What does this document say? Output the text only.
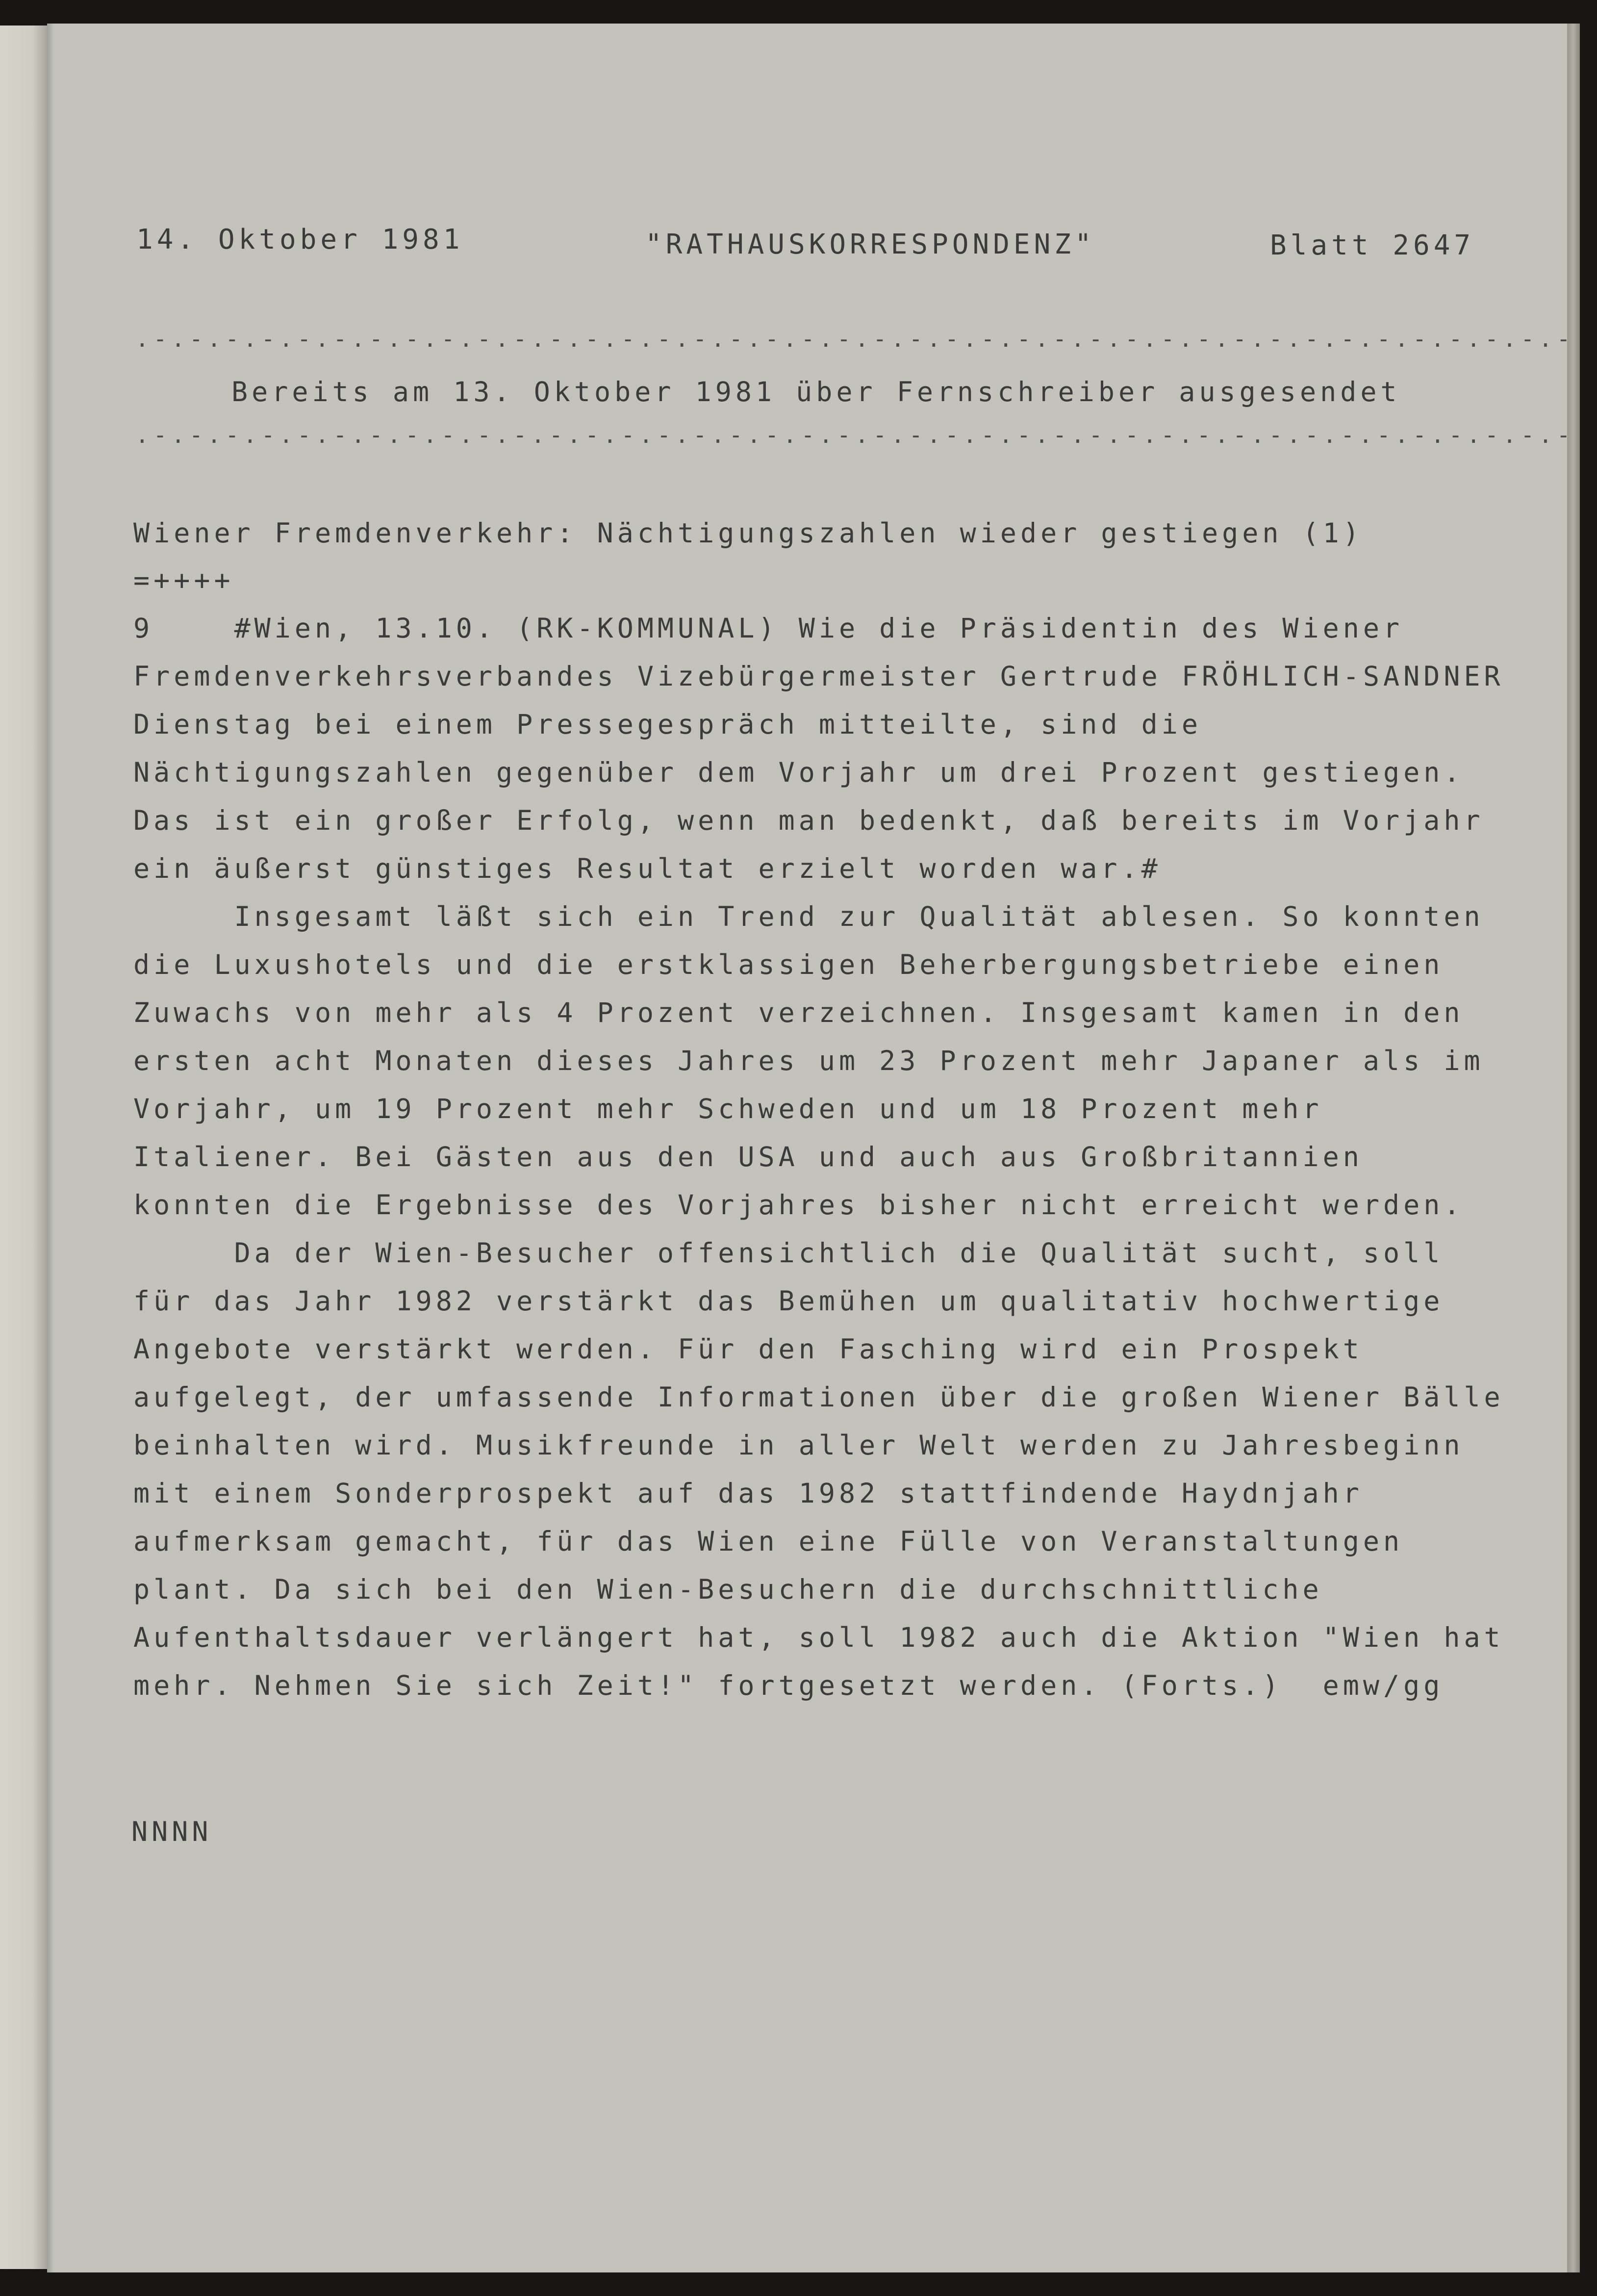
14. Oktober 1981	"RATHAUSKORRESPONDENZ"	Blatt 2647
.-.-.-.-.-.-.-.-.-.-.-.-.-.-.-.-.-.-.-.-.-.-.-.-.-.-.-.-.-.-.-.-.-.-.-.-.-.-.-.-
Bereits am 13. Oktober 1981 über Fernschreiber ausgesendet
.-.-.-.-.-.-.-.-.-.-.-.-.-.-.-.-.-.-.-.-.-.-.-.-.-.-.-.-.-.-.-.-.-.-.-.-.-.-.-.-
Wiener Fremdenverkehr: Nächtigungszahlen wieder gestiegen (1)
=++++
9    #Wien, 13.10. (RK-KOMMUNAL) Wie die Präsidentin des Wiener
Fremdenverkehrsverbandes Vizebürgermeister Gertrude FRÖHLICH-SANDNER
Dienstag bei einem Pressegespräch mitteilte, sind die
Nächtigungszahlen gegenüber dem Vorjahr um drei Prozent gestiegen.
Das ist ein großer Erfolg, wenn man bedenkt, daß bereits im Vorjahr
ein äußerst günstiges Resultat erzielt worden war.#
Insgesamt läßt sich ein Trend zur Qualität ablesen. So konnten
die Luxushotels und die erstklassigen Beherbergungsbetriebe einen
Zuwachs von mehr als 4 Prozent verzeichnen. Insgesamt kamen in den
ersten acht Monaten dieses Jahres um 23 Prozent mehr Japaner als im
Vorjahr, um 19 Prozent mehr Schweden und um 18 Prozent mehr
Italiener. Bei Gästen aus den USA und auch aus Großbritannien
konnten die Ergebnisse des Vorjahres bisher nicht erreicht werden.
Da der Wien-Besucher offensichtlich die Qualität sucht, soll
für das Jahr 1982 verstärkt das Bemühen um qualitativ hochwertige
Angebote verstärkt werden. Für den Fasching wird ein Prospekt
aufgelegt, der umfassende Informationen über die großen Wiener Bälle
beinhalten wird. Musikfreunde in aller Welt werden zu Jahresbeginn
mit einem Sonderprospekt auf das 1982 stattfindende Haydnjahr
aufmerksam gemacht, für das Wien eine Fülle von Veranstaltungen
plant. Da sich bei den Wien-Besuchern die durchschnittliche
Aufenthaltsdauer verlängert hat, soll 1982 auch die Aktion "Wien hat
mehr. Nehmen Sie sich Zeit!" fortgesetzt werden. (Forts.)  emw/gg
NNNN
